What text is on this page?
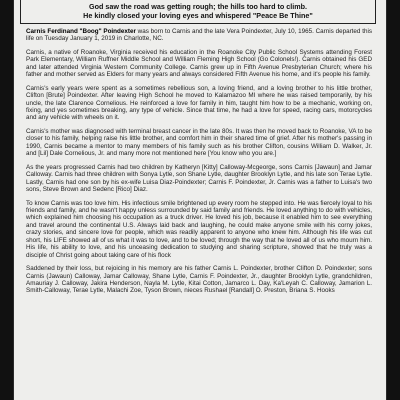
God saw the road was getting rough; the hills too hard to climb.
He kindly closed your loving eyes and whispered "Peace Be Thine"

Carnis Ferdinand "Boog" Poindexter was born to Carnis and the late Vera Poindexter, July 10, 1965. Carnis departed this life on Tuesday January 1, 2019 in Charlotte, NC.

Carnis, a native of Roanoke, Virginia received his education in the Roanoke City Public School Systems attending Forest Park Elementary, William Ruffner Middle School and William Fleming High School (Go Colonels!). Carnis obtained his GED and later attended Virginia Western Community College. Carnis grew up in Fifth Avenue Presbyterian Church; where his father and mother served as Elders for many years and always considered Fifth Avenue his home, and it's people his family.

Carnis's early years were spent as a sometimes rebellious son, a loving friend, and a loving brother to his little brother, Clifton [Brute] Poindexter. After leaving High School he moved to Kalamazoo MI where he was raised temporarily, by his uncle, the late Clarence Cornelious. He reinforced a love for family in him, taught him how to be a mechanic, working on, fixing, and yes sometimes breaking, any type of vehicle. Since that time, he had a love for speed, racing cars, motorcycles and any vehicle with wheels on it.

Carnis's mother was diagnosed with terminal breast cancer in the late 80s. It was then he moved back to Roanoke, VA to be closer to his family, helping raise his little brother, and comfort him in their shared time of grief. After his mother's passing in 1990, Carnis became a mentor to many members of his family such as his brother Clifton, cousins William D. Walker, Jr. and [Lil] Dale Cornelious, Jr. and many more not mentioned here [You know who you are.]

As the years progressed Carnis had two children by Katheryn [Kitty] Calloway-Mcgeorge, sons Carnis [Jawaun] and Jamar Calloway. Carnis had three children with Sonya Lytle, son Shane Lytle, daughter Brooklyn Lytle, and his late son Terae Lytle. Lastly, Carnis had one son by his ex-wife Luisa Diaz-Poindexter; Carnis F. Poindexter, Jr. Carnis was a father to Luisa's two sons, Steve Brown and Sedenc [Rico] Diaz.

To know Carnis was too love him. His infectious smile brightened up every room he stepped into. He was fiercely loyal to his friends and family, and he wasn't happy unless surrounded by said family and friends. He loved anything to do with vehicles, which explained him choosing his occupation as a truck driver. He loved his job, because it enabled him to see everything and travel around the continental U.S. Always laid back and laughing, he could make anyone smile with his corny jokes, crazy stories, and sincere love for people, which was readily apparent to anyone who knew him. Although his life was cut short, his LIFE showed all of us what it was to love, and to be loved; through the way that he loved all of us who mourn him. His life, his ability to love, and his unceasing dedication to studying and sharing scripture, showed that he truly was a disciple of Christ going about taking care of his flock

Saddened by their loss, but rejoicing in his memory are his father Carnis L. Poindexter, brother Clifton D. Poindexter; sons Carnis (Jawaun) Calloway, Jamar Calloway, Shane Lytle, Carnis F. Poindexter, Jr., daughter Brooklyn Lytle, grandchildren, Amauriay J. Calloway, Jakira Henderson, Nayla M. Lytle, Kitai Cotton, Jamarco L. Day, Ka'Leyah C. Calloway, Jamarion L. Smith-Calloway, Terae Lytle, Malachi Zoe, Tyson Brown, nieces Rushael [Randall] O. Preston, Briana S. Hooks
